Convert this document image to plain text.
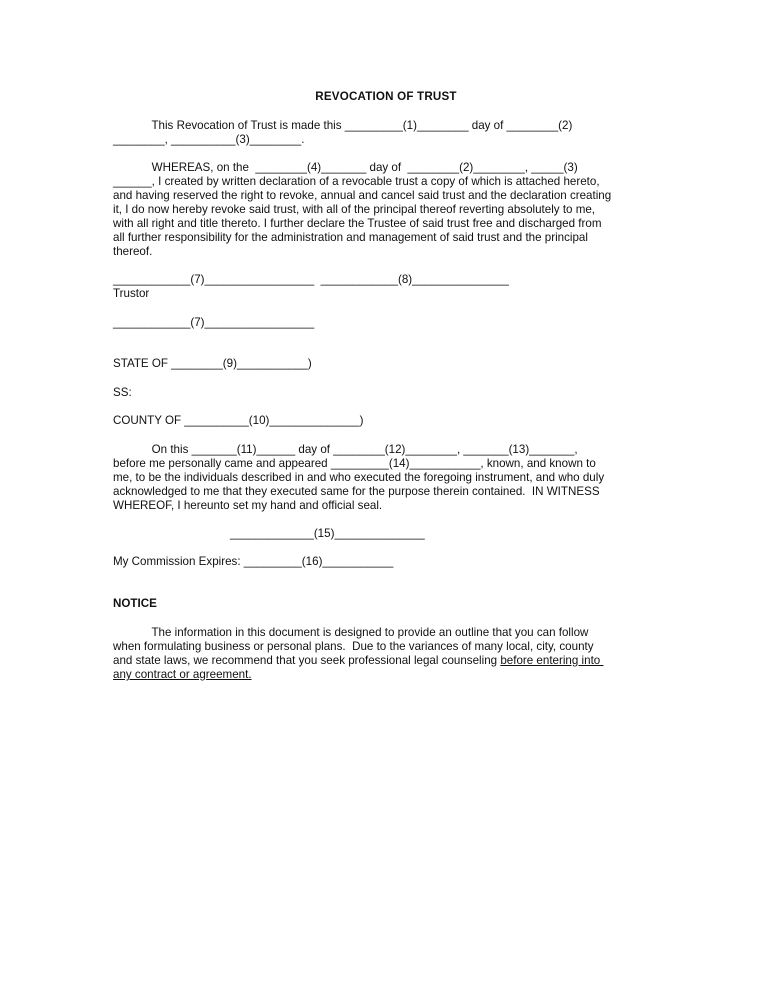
REVOCATION OF TRUST
This Revocation of Trust is made this _________(1)________ day of ________(2)
________, __________(3)________.
WHEREAS, on the  ________(4)_______ day of  ________(2)________, _____(3)
______, I created by written declaration of a revocable trust a copy of which is attached hereto,
and having reserved the right to revoke, annual and cancel said trust and the declaration creating
it, I do now hereby revoke said trust, with all of the principal thereof reverting absolutely to me,
with all right and title thereto. I further declare the Trustee of said trust free and discharged from
all further responsibility for the administration and management of said trust and the principal
thereof.
____________(7)_________________  ____________(8)_______________
Trustor
____________(7)_________________
STATE OF ________(9)___________)
SS:
COUNTY OF __________(10)______________)
On this _______(11)______ day of ________(12)________, _______(13)_______,
before me personally came and appeared _________(14)___________, known, and known to
me, to be the individuals described in and who executed the foregoing instrument, and who duly
acknowledged to me that they executed same for the purpose therein contained.  IN WITNESS
WHEREOF, I hereunto set my hand and official seal.
_____________(15)______________
My Commission Expires: _________(16)___________
NOTICE
The information in this document is designed to provide an outline that you can follow
when formulating business or personal plans.  Due to the variances of many local, city, county
and state laws, we recommend that you seek professional legal counseling before entering into
any contract or agreement.
